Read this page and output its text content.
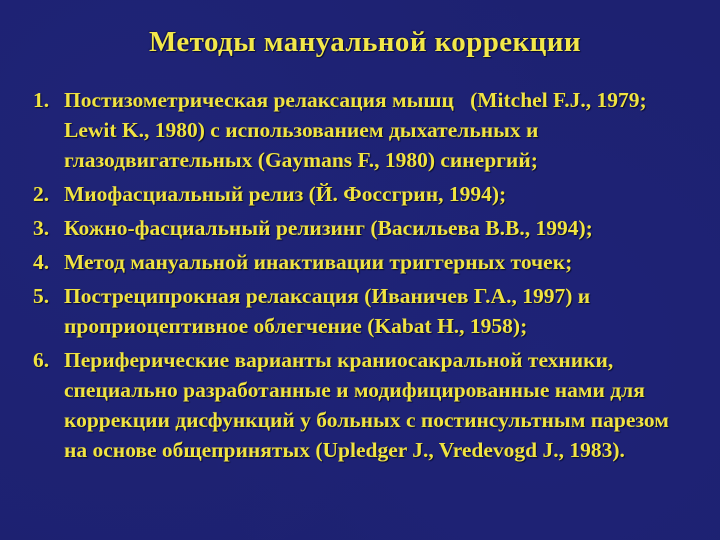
Методы мануальной коррекции
1. Постизометрическая релаксация мышц   (Mitchel F.J., 1979; Lewit K., 1980) с использованием дыхательных и глазодвигательных (Gaymans F., 1980) синергий;
2. Миофасциальный релиз (Й. Фоссгрин, 1994);
3. Кожно-фасциальный релизинг (Васильева В.В., 1994);
4. Метод мануальной инактивации триггерных точек;
5. Постреципрокная релаксация (Иваничев Г.А., 1997) и проприоцептивное облегчение (Kabat H., 1958);
6. Периферические варианты краниосакральной техники, специально разработанные и модифицированные нами для коррекции дисфункций у больных с постинсультным парезом на основе общепринятых (Upledger J., Vredevogd J., 1983).
